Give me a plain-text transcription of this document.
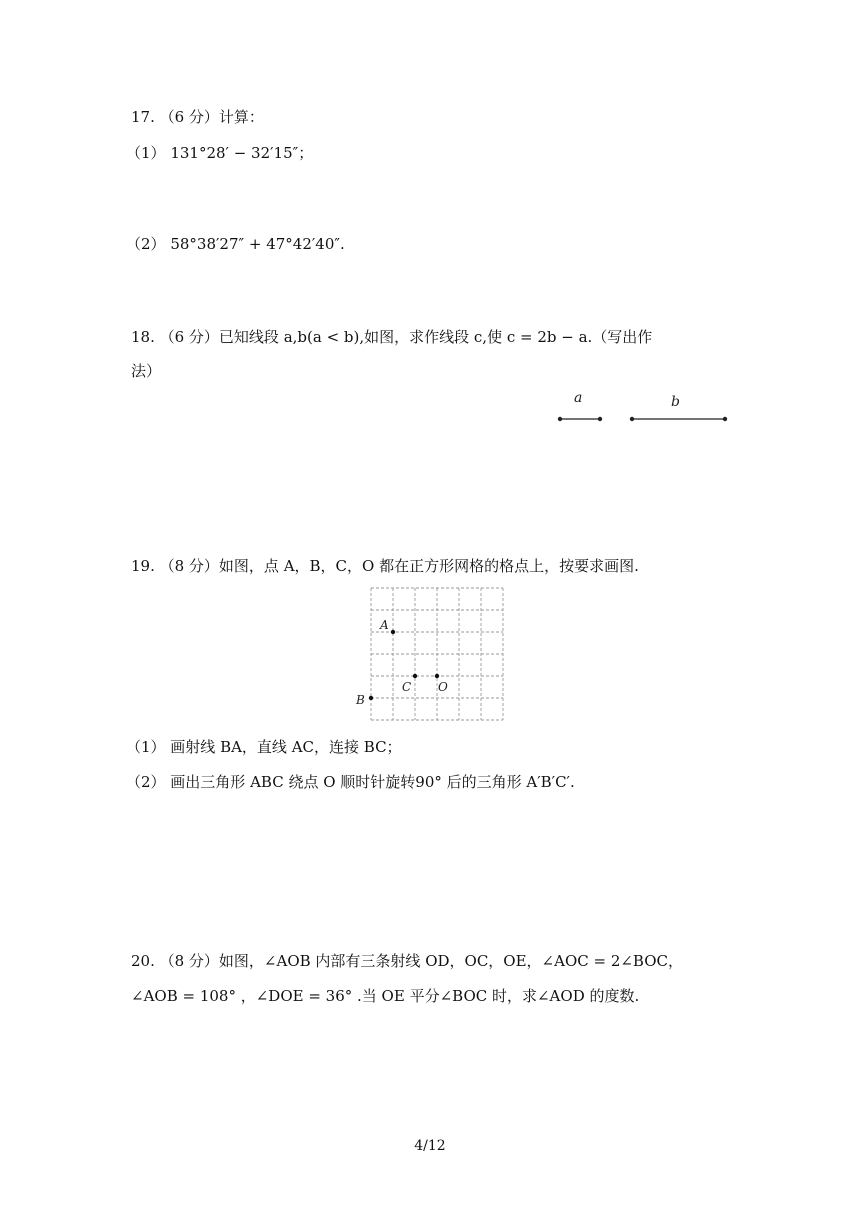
17. （6 分）计算：
（1） 131°28′ − 32′15″；
（2） 58°38′27″ + 47°42′40″.
18. （6 分）已知线段 a,b(a < b),如图，求作线段 c,使 c = 2b − a.（写出作
法）
a	b
19. （8 分）如图，点 A，B，C，O 都在正方形网格的格点上，按要求画图.
A
B
C O
（1） 画射线 BA，直线 AC，连接 BC；
（2） 画出三角形 ABC 绕点 O 顺时针旋转90° 后的三角形 A′B′C′.
20. （8 分）如图，∠AOB 内部有三条射线 OD，OC，OE，∠AOC = 2∠BOC，
∠AOB = 108° ，∠DOE = 36° .当 OE 平分∠BOC 时，求∠AOD 的度数.
4/12
